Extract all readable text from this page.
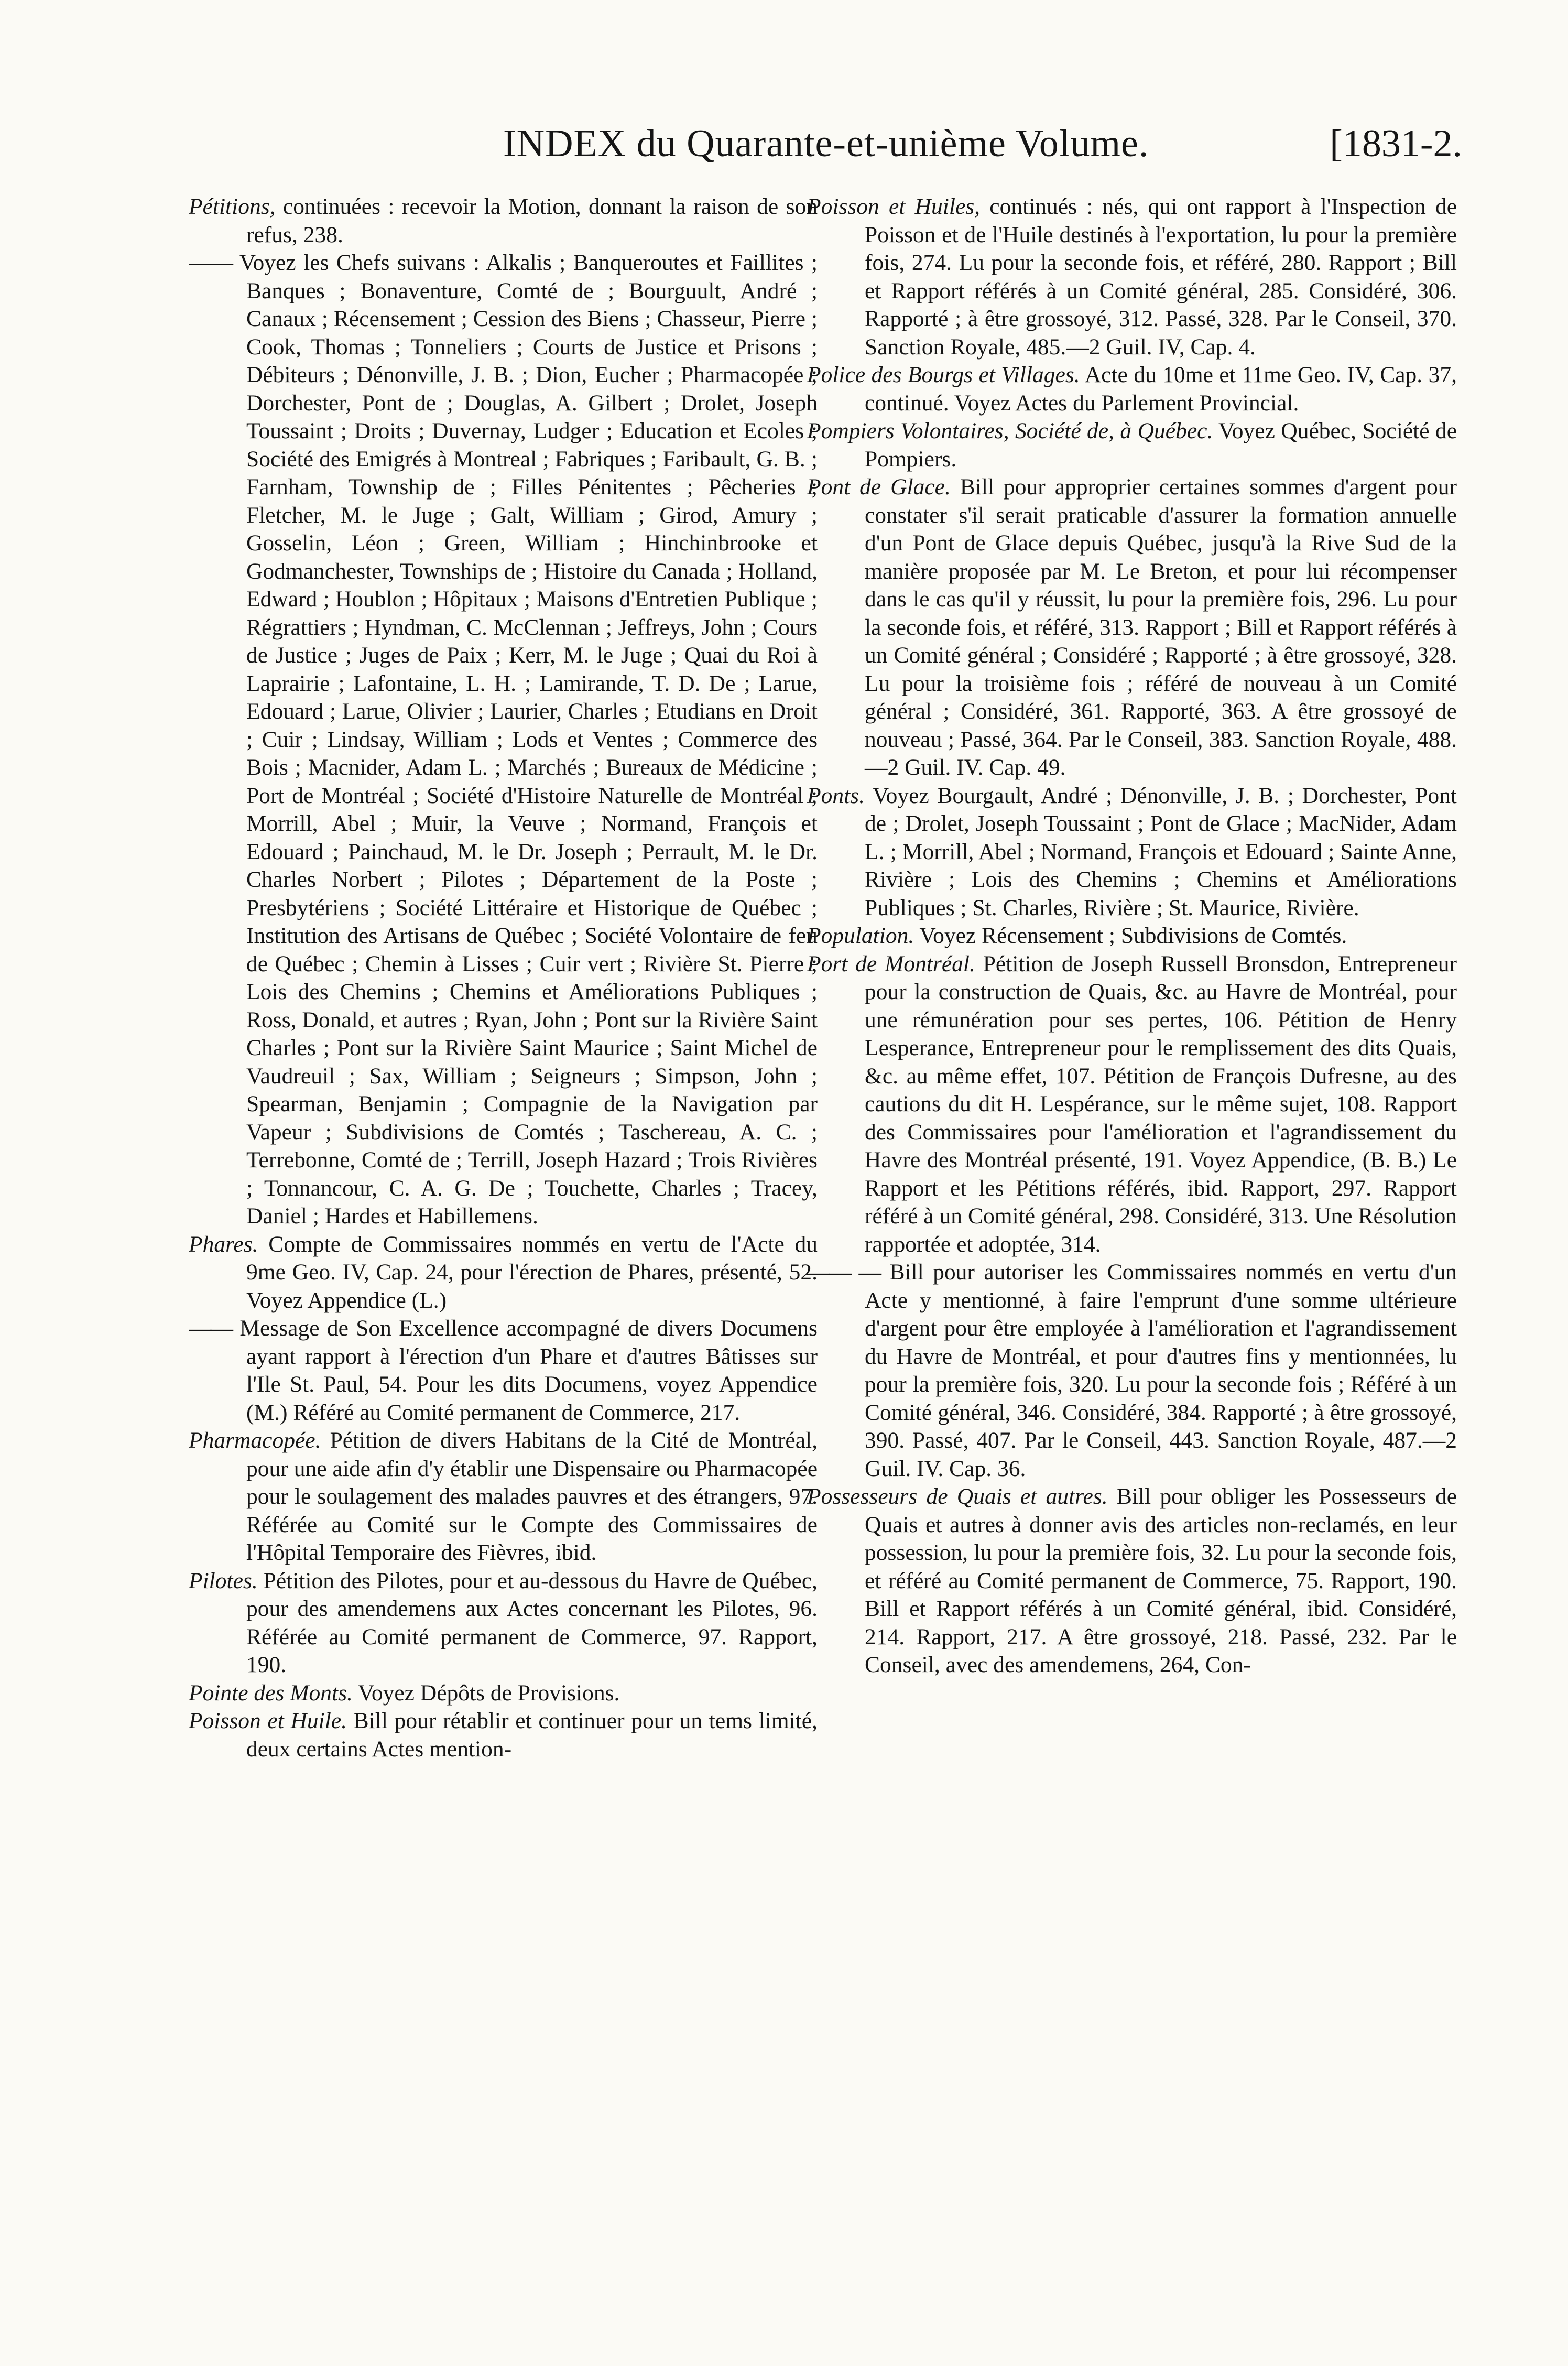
INDEX du Quarante-et-unième Volume.	[1831-2.

Pétitions, continuées : recevoir la Motion, donnant la raison de son refus, 238.

—— Voyez les Chefs suivans : Alkalis ; Banqueroutes et Faillites ; Banques ; Bonaventure, Comté de ; Bourguult, André ; Canaux ; Récensement ; Cession des Biens ; Chasseur, Pierre ; Cook, Thomas ; Tonneliers ; Courts de Justice et Prisons ; Débiteurs ; Dénonville, J. B. ; Dion, Eucher ; Pharmacopée ; Dorchester, Pont de ; Douglas, A. Gilbert ; Drolet, Joseph Toussaint ; Droits ; Duvernay, Ludger ; Education et Ecoles ; Société des Emigrés à Montreal ; Fabriques ; Faribault, G. B. ; Farnham, Township de ; Filles Pénitentes ; Pêcheries ; Fletcher, M. le Juge ; Galt, William ; Girod, Amury ; Gosselin, Léon ; Green, William ; Hinchinbrooke et Godmanchester, Townships de ; Histoire du Canada ; Holland, Edward ; Houblon ; Hôpitaux ; Maisons d'Entretien Publique ; Régrattiers ; Hyndman, C. McClennan ; Jeffreys, John ; Cours de Justice ; Juges de Paix ; Kerr, M. le Juge ; Quai du Roi à Laprairie ; Lafontaine, L. H. ; Lamirande, T. D. De ; Larue, Edouard ; Larue, Olivier ; Laurier, Charles ; Etudians en Droit ; Cuir ; Lindsay, William ; Lods et Ventes ; Commerce des Bois ; Macnider, Adam L. ; Marchés ; Bureaux de Médicine ; Port de Montréal ; Société d'Histoire Naturelle de Montréal ; Morrill, Abel ; Muir, la Veuve ; Normand, François et Edouard ; Painchaud, M. le Dr. Joseph ; Perrault, M. le Dr. Charles Norbert ; Pilotes ; Département de la Poste ; Presbytériens ; Société Littéraire et Historique de Québec ; Institution des Artisans de Québec ; Société Volontaire de feu de Québec ; Chemin à Lisses ; Cuir vert ; Rivière St. Pierre ; Lois des Chemins ; Chemins et Améliorations Publiques ; Ross, Donald, et autres ; Ryan, John ; Pont sur la Rivière Saint Charles ; Pont sur la Rivière Saint Maurice ; Saint Michel de Vaudreuil ; Sax, William ; Seigneurs ; Simpson, John ; Spearman, Benjamin ; Compagnie de la Navigation par Vapeur ; Subdivisions de Comtés ; Taschereau, A. C. ; Terrebonne, Comté de ; Terrill, Joseph Hazard ; Trois Rivières ; Tonnancour, C. A. G. De ; Touchette, Charles ; Tracey, Daniel ; Hardes et Habillemens.

Phares. Compte de Commissaires nommés en vertu de l'Acte du 9me Geo. IV, Cap. 24, pour l'érection de Phares, présenté, 52. Voyez Appendice (L.)

—— Message de Son Excellence accompagné de divers Documens ayant rapport à l'érection d'un Phare et d'autres Bâtisses sur l'Ile St. Paul, 54. Pour les dits Documens, voyez Appendice (M.) Référé au Comité permanent de Commerce, 217.

Pharmacopée. Pétition de divers Habitans de la Cité de Montréal, pour une aide afin d'y établir une Dispensaire ou Pharmacopée pour le soulagement des malades pauvres et des étrangers, 97. Référée au Comité sur le Compte des Commissaires de l'Hôpital Temporaire des Fièvres, ibid.

Pilotes. Pétition des Pilotes, pour et au-dessous du Havre de Québec, pour des amendemens aux Actes concernant les Pilotes, 96. Référée au Comité permanent de Commerce, 97. Rapport, 190.

Pointe des Monts. Voyez Dépôts de Provisions.

Poisson et Huile. Bill pour rétablir et continuer pour un tems limité, deux certains Actes mention-

Poisson et Huiles, continués : nés, qui ont rapport à l'Inspection de Poisson et de l'Huile destinés à l'exportation, lu pour la première fois, 274. Lu pour la seconde fois, et référé, 280. Rapport ; Bill et Rapport référés à un Comité général, 285. Considéré, 306. Rapporté ; à être grossoyé, 312. Passé, 328. Par le Conseil, 370. Sanction Royale, 485.—2 Guil. IV, Cap. 4.

Police des Bourgs et Villages. Acte du 10me et 11me Geo. IV, Cap. 37, continué. Voyez Actes du Parlement Provincial.

Pompiers Volontaires, Société de, à Québec. Voyez Québec, Société de Pompiers.

Pont de Glace. Bill pour approprier certaines sommes d'argent pour constater s'il serait praticable d'assurer la formation annuelle d'un Pont de Glace depuis Québec, jusqu'à la Rive Sud de la manière proposée par M. Le Breton, et pour lui récompenser dans le cas qu'il y réussit, lu pour la première fois, 296. Lu pour la seconde fois, et référé, 313. Rapport ; Bill et Rapport référés à un Comité général ; Considéré ; Rapporté ; à être grossoyé, 328. Lu pour la troisième fois ; référé de nouveau à un Comité général ; Considéré, 361. Rapporté, 363. A être grossoyé de nouveau ; Passé, 364. Par le Conseil, 383. Sanction Royale, 488.—2 Guil. IV. Cap. 49.

Ponts. Voyez Bourgault, André ; Dénonville, J. B. ; Dorchester, Pont de ; Drolet, Joseph Toussaint ; Pont de Glace ; MacNider, Adam L. ; Morrill, Abel ; Normand, François et Edouard ; Sainte Anne, Rivière ; Lois des Chemins ; Chemins et Améliorations Publiques ; St. Charles, Rivière ; St. Maurice, Rivière.

Population. Voyez Récensement ; Subdivisions de Comtés.

Port de Montréal. Pétition de Joseph Russell Bronsdon, Entrepreneur pour la construction de Quais, &c. au Havre de Montréal, pour une rémunération pour ses pertes, 106. Pétition de Henry Lesperance, Entrepreneur pour le remplissement des dits Quais, &c. au même effet, 107. Pétition de François Dufresne, au des cautions du dit H. Lespérance, sur le même sujet, 108. Rapport des Commissaires pour l'amélioration et l'agrandissement du Havre des Montréal présenté, 191. Voyez Appendice, (B. B.) Le Rapport et les Pétitions référés, ibid. Rapport, 297. Rapport référé à un Comité général, 298. Considéré, 313. Une Résolution rapportée et adoptée, 314.

—— — Bill pour autoriser les Commissaires nommés en vertu d'un Acte y mentionné, à faire l'emprunt d'une somme ultérieure d'argent pour être employée à l'amélioration et l'agrandissement du Havre de Montréal, et pour d'autres fins y mentionnées, lu pour la première fois, 320. Lu pour la seconde fois ; Référé à un Comité général, 346. Considéré, 384. Rapporté ; à être grossoyé, 390. Passé, 407. Par le Conseil, 443. Sanction Royale, 487.—2 Guil. IV. Cap. 36.

Possesseurs de Quais et autres. Bill pour obliger les Possesseurs de Quais et autres à donner avis des articles non-reclamés, en leur possession, lu pour la première fois, 32. Lu pour la seconde fois, et référé au Comité permanent de Commerce, 75. Rapport, 190. Bill et Rapport référés à un Comité général, ibid. Considéré, 214. Rapport, 217. A être grossoyé, 218. Passé, 232. Par le Conseil, avec des amendemens, 264, Con-
